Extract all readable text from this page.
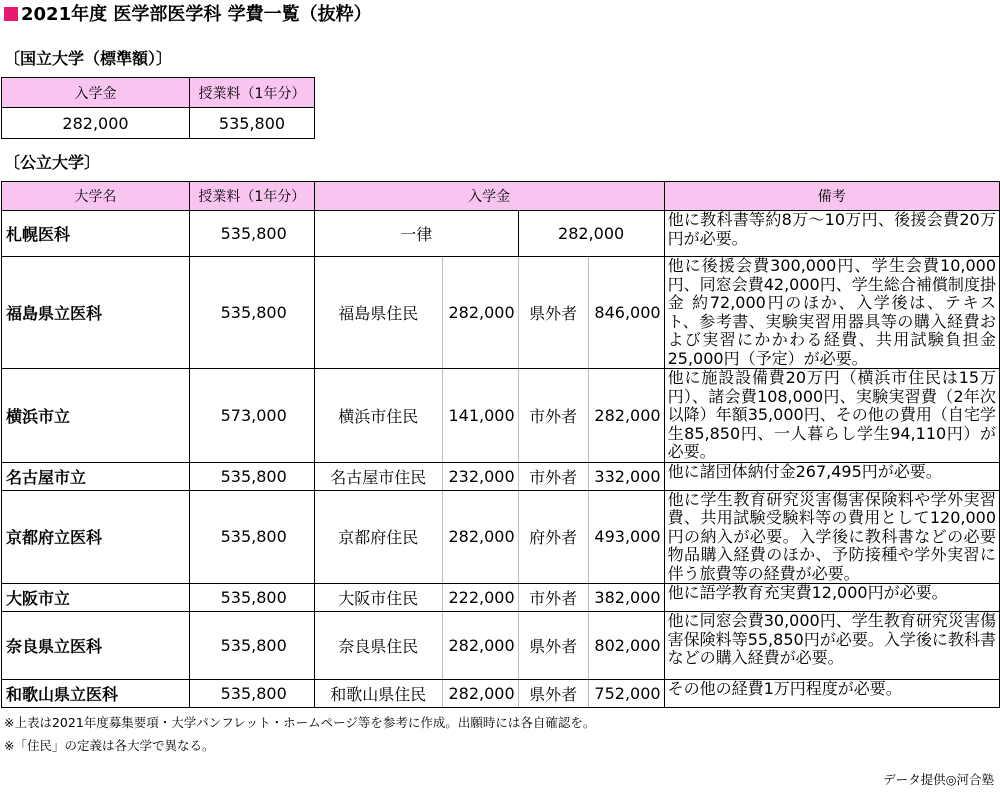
2021年度 医学部医学科 学費一覧（抜粋）
〔国立大学（標準額）〕
入学金	授業料（1年分）
282,000	535,800
〔公立大学〕
大学名	授業料（1年分）	入学金				備考
札幌医科	535,800	一律		282,000		他に教科書等約8万～10万円、後援会費20万円が必要。
福島県立医科	535,800	福島県住民	282,000	県外者	846,000	他に後援会費300,000円、学生会費10,000円、同窓会費42,000円、学生総合補償制度掛金 約72,000円のほか、入学後は、テキスト、参考書、実験実習用器具等の購入経費および実習にかかわる経費、共用試験負担金25,000円（予定）が必要。
横浜市立	573,000	横浜市住民	141,000	市外者	282,000	他に施設設備費20万円（横浜市住民は15万円）、諸会費108,000円、実験実習費（2年次以降）年額35,000円、その他の費用（自宅学生85,850円、一人暮らし学生94,110円）が必要。
名古屋市立	535,800	名古屋市住民	232,000	市外者	332,000	他に諸団体納付金267,495円が必要。
京都府立医科	535,800	京都府住民	282,000	府外者	493,000	他に学生教育研究災害傷害保険料や学外実習費、共用試験受験料等の費用として120,000円の納入が必要。入学後に教科書などの必要物品購入経費のほか、予防接種や学外実習に伴う旅費等の経費が必要。
大阪市立	535,800	大阪市住民	222,000	市外者	382,000	他に語学教育充実費12,000円が必要。
奈良県立医科	535,800	奈良県住民	282,000	県外者	802,000	他に同窓会費30,000円、学生教育研究災害傷害保険料等55,850円が必要。入学後に教科書などの購入経費が必要。
和歌山県立医科	535,800	和歌山県住民	282,000	県外者	752,000	その他の経費1万円程度が必要。
※上表は2021年度募集要項・大学パンフレット・ホームページ等を参考に作成。出願時には各自確認を。
※「住民」の定義は各大学で異なる。
データ提供◎河合塾
